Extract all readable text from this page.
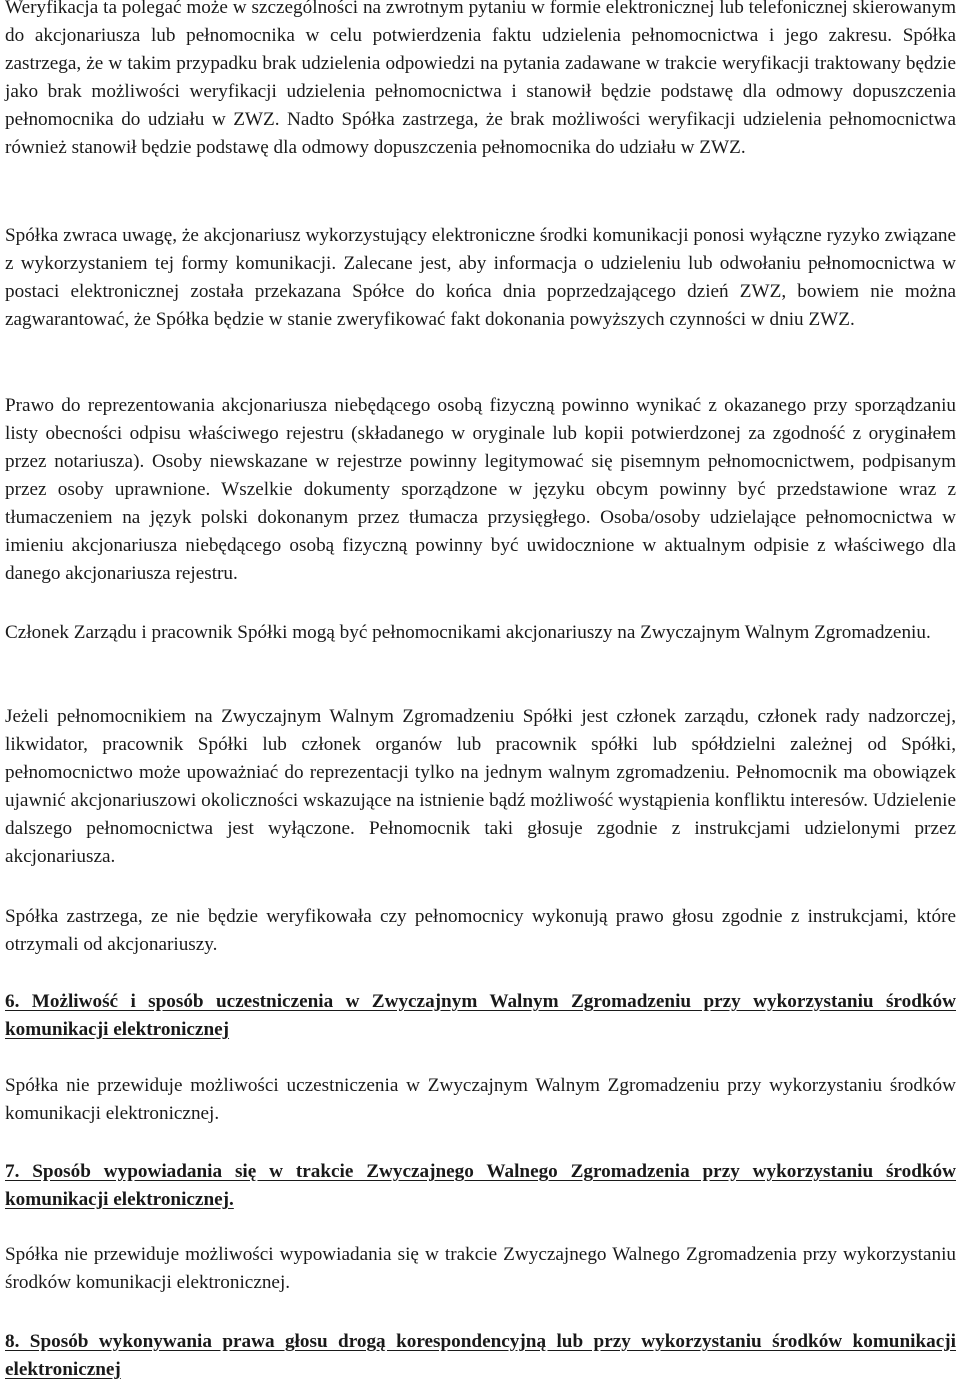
Weryfikacja ta polegać może w szczególności na zwrotnym pytaniu w formie elektronicznej lub telefonicznej skierowanym do akcjonariusza lub pełnomocnika w celu potwierdzenia faktu udzielenia pełnomocnictwa i jego zakresu. Spółka zastrzega, że w takim przypadku brak udzielenia odpowiedzi na pytania zadawane w trakcie weryfikacji traktowany będzie jako brak możliwości weryfikacji udzielenia pełnomocnictwa i stanowił będzie podstawę dla odmowy dopuszczenia pełnomocnika do udziału w ZWZ. Nadto Spółka zastrzega, że brak możliwości weryfikacji udzielenia pełnomocnictwa również stanowił będzie podstawę dla odmowy dopuszczenia pełnomocnika do udziału w ZWZ.

Spółka zwraca uwagę, że akcjonariusz wykorzystujący elektroniczne środki komunikacji ponosi wyłączne ryzyko związane z wykorzystaniem tej formy komunikacji. Zalecane jest, aby informacja o udzieleniu lub odwołaniu pełnomocnictwa w postaci elektronicznej została przekazana Spółce do końca dnia poprzedzającego dzień ZWZ, bowiem nie można zagwarantować, że Spółka będzie w stanie zweryfikować fakt dokonania powyższych czynności w dniu ZWZ.

Prawo do reprezentowania akcjonariusza niebędącego osobą fizyczną powinno wynikać z okazanego przy sporządzaniu listy obecności odpisu właściwego rejestru (składanego w oryginale lub kopii potwierdzonej za zgodność z oryginałem przez notariusza). Osoby niewskazane w rejestrze powinny legitymować się pisemnym pełnomocnictwem, podpisanym przez osoby uprawnione. Wszelkie dokumenty sporządzone w języku obcym powinny być przedstawione wraz z tłumaczeniem na język polski dokonanym przez tłumacza przysięgłego. Osoba/osoby udzielające pełnomocnictwa w imieniu akcjonariusza niebędącego osobą fizyczną powinny być uwidocznione w aktualnym odpisie z właściwego dla danego akcjonariusza rejestru.

Członek Zarządu i pracownik Spółki mogą być pełnomocnikami akcjonariuszy na Zwyczajnym Walnym Zgromadzeniu.

Jeżeli pełnomocnikiem na Zwyczajnym Walnym Zgromadzeniu Spółki jest członek zarządu, członek rady nadzorczej, likwidator, pracownik Spółki lub członek organów lub pracownik spółki lub spółdzielni zależnej od Spółki, pełnomocnictwo może upoważniać do reprezentacji tylko na jednym walnym zgromadzeniu. Pełnomocnik ma obowiązek ujawnić akcjonariuszowi okoliczności wskazujące na istnienie bądź możliwość wystąpienia konfliktu interesów. Udzielenie dalszego pełnomocnictwa jest wyłączone. Pełnomocnik taki głosuje zgodnie z instrukcjami udzielonymi przez akcjonariusza.

Spółka zastrzega, ze nie będzie weryfikowała czy pełnomocnicy wykonują prawo głosu zgodnie z instrukcjami, które otrzymali od akcjonariuszy.

6. Możliwość i sposób uczestniczenia w Zwyczajnym Walnym Zgromadzeniu przy wykorzystaniu środków komunikacji elektronicznej

Spółka nie przewiduje możliwości uczestniczenia w Zwyczajnym Walnym Zgromadzeniu przy wykorzystaniu środków komunikacji elektronicznej.

7. Sposób wypowiadania się w trakcie Zwyczajnego Walnego Zgromadzenia przy wykorzystaniu środków komunikacji elektronicznej.

Spółka nie przewiduje możliwości wypowiadania się w trakcie Zwyczajnego Walnego Zgromadzenia przy wykorzystaniu środków komunikacji elektronicznej.

8. Sposób wykonywania prawa głosu drogą korespondencyjną lub przy wykorzystaniu środków komunikacji elektronicznej
